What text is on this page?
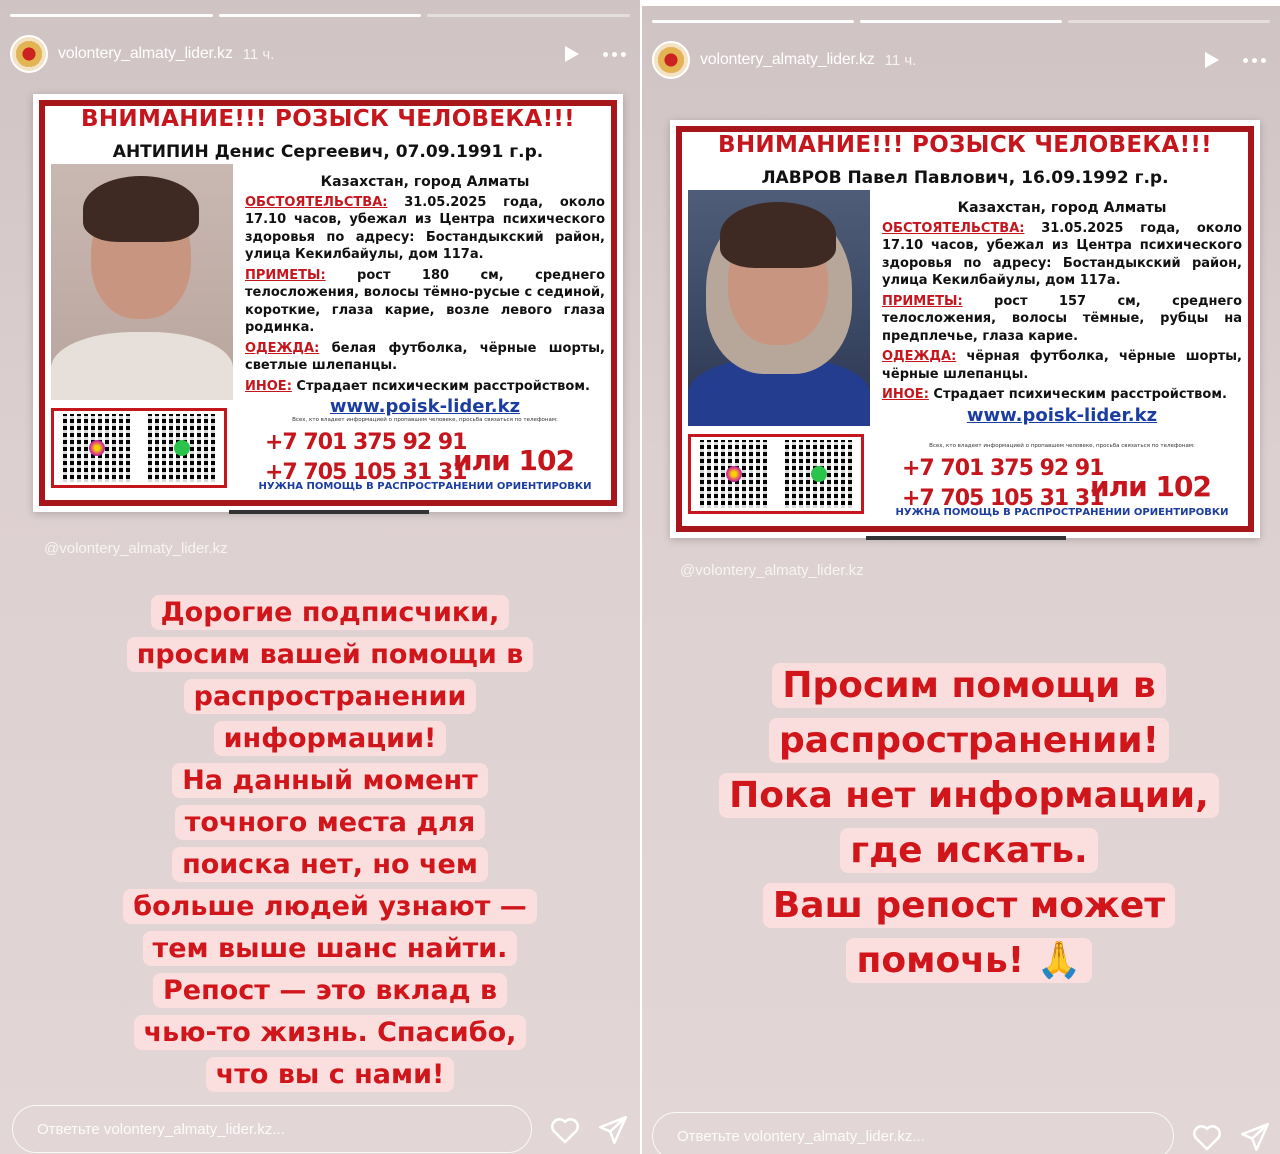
volontery_almaty_lider.kz 11 ч.
ВНИМАНИЕ!!! РОЗЫСК ЧЕЛОВЕКА!!!
АНТИПИН Денис Сергеевич, 07.09.1991 г.р.
Казахстан, город Алматы

ОБСТОЯТЕЛЬСТВА: 31.05.2025 года, около 17.10 часов, убежал из Центра психического здоровья по адресу: Бостандыкский район, улица Кекилбайулы, дом 117а.

ПРИМЕТЫ: рост 180 см, среднего телосложения, волосы тёмно-русые с сединой, короткие, глаза карие, возле левого глаза родинка.

ОДЕЖДА: белая футболка, чёрные шорты, светлые шлепанцы.

ИНОЕ: Страдает психическим расстройством.

www.poisk-lider.kz
Всех, кто владеет информацией о пропавшем человеке, просьба связаться по телефонам:
+7 701 375 92 91
+7 705 105 31 31
или 102
НУЖНА ПОМОЩЬ В РАСПРОСТРАНЕНИИ ОРИЕНТИРОВКИ
@volontery_almaty_lider.kz
Дорогие подписчики,
просим вашей помощи в
распространении
информации!
На данный момент
точного места для
поиска нет, но чем
больше людей узнают —
тем выше шанс найти.
Репост — это вклад в
чью-то жизнь. Спасибо,
что вы с нами!
Ответьте volontery_almaty_lider.kz...
volontery_almaty_lider.kz 11 ч.
ВНИМАНИЕ!!! РОЗЫСК ЧЕЛОВЕКА!!!
ЛАВРОВ Павел Павлович, 16.09.1992 г.р.
Казахстан, город Алматы

ОБСТОЯТЕЛЬСТВА: 31.05.2025 года, около 17.10 часов, убежал из Центра психического здоровья по адресу: Бостандыкский район, улица Кекилбайулы, дом 117а.

ПРИМЕТЫ: рост 157 см, среднего телосложения, волосы тёмные, рубцы на предплечье, глаза карие.

ОДЕЖДА: чёрная футболка, чёрные шорты, чёрные шлепанцы.

ИНОЕ: Страдает психическим расстройством.

www.poisk-lider.kz
Всех, кто владеет информацией о пропавшем человеке, просьба связаться по телефонам:
+7 701 375 92 91
+7 705 105 31 31
или 102
НУЖНА ПОМОЩЬ В РАСПРОСТРАНЕНИИ ОРИЕНТИРОВКИ
@volontery_almaty_lider.kz
Просим помощи в
распространении!
Пока нет информации,
где искать.
Ваш репост может
помочь! 🙏
Ответьте volontery_almaty_lider.kz...
